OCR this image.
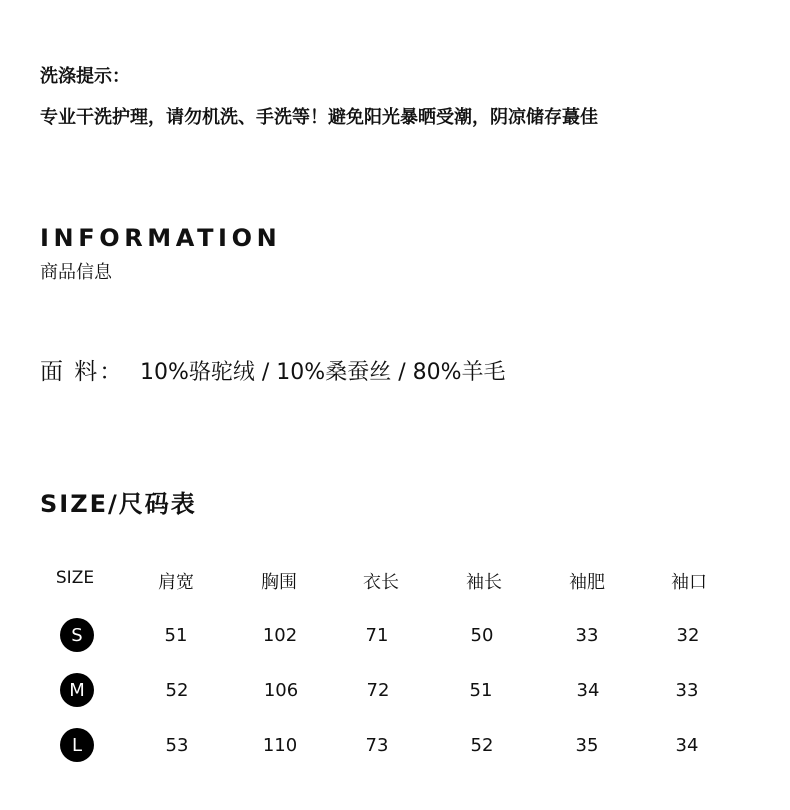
洗涤提示：
专业干洗护理，请勿机洗、手洗等！避免阳光暴晒受潮，阴凉储存蕞佳
INFORMATION
商品信息
面 料： 10%骆驼绒 / 10%桑蚕丝 / 80%羊毛
SIZE/尺码表
SIZE	肩宽	胸围	衣长	袖长	袖肥	袖口
S	51	102	71	50	33	32
M	52	106	72	51	34	33
L	53	110	73	52	35	34
